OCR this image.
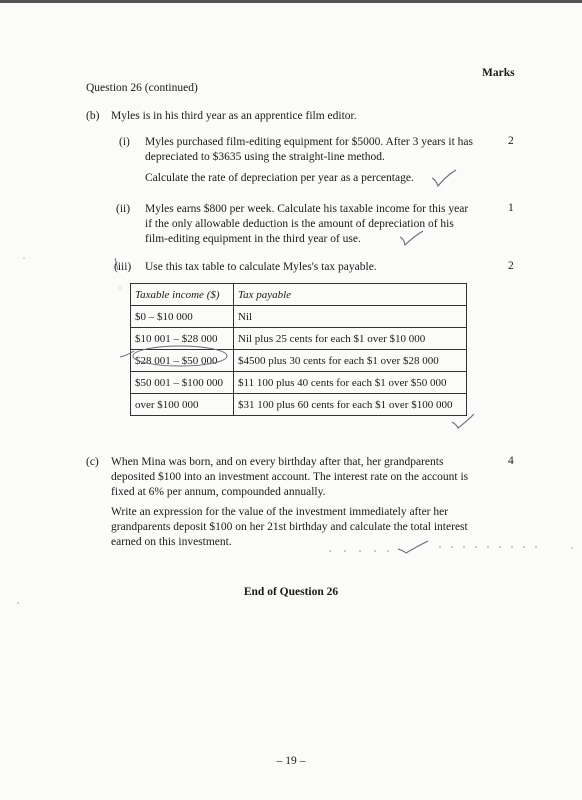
Marks
Question 26 (continued)
(b) Myles is in his third year as an apprentice film editor.
(i) Myles purchased film-editing equipment for $5000. After 3 years it has
depreciated to $3635 using the straight-line method.
Calculate the rate of depreciation per year as a percentage.
2
(ii) Myles earns $800 per week. Calculate his taxable income for this year
if the only allowable deduction is the amount of depreciation of his
film-editing equipment in the third year of use.
1
(iii) Use this tax table to calculate Myles's tax payable.	2
Taxable income ($)	Tax payable
$0 – $10 000	Nil
$10 001 – $28 000	Nil plus 25 cents for each $1 over $10 000
$28 001 – $50 000	$4500 plus 30 cents for each $1 over $28 000
$50 001 – $100 000	$11 100 plus 40 cents for each $1 over $50 000
over $100 000	$31 100 plus 60 cents for each $1 over $100 000
(c) When Mina was born, and on every birthday after that, her grandparents
deposited $100 into an investment account. The interest rate on the account is
fixed at 6% per annum, compounded annually.
Write an expression for the value of the investment immediately after her
grandparents deposit $100 on her 21st birthday and calculate the total interest
earned on this investment.
4
End of Question 26
– 19 –
